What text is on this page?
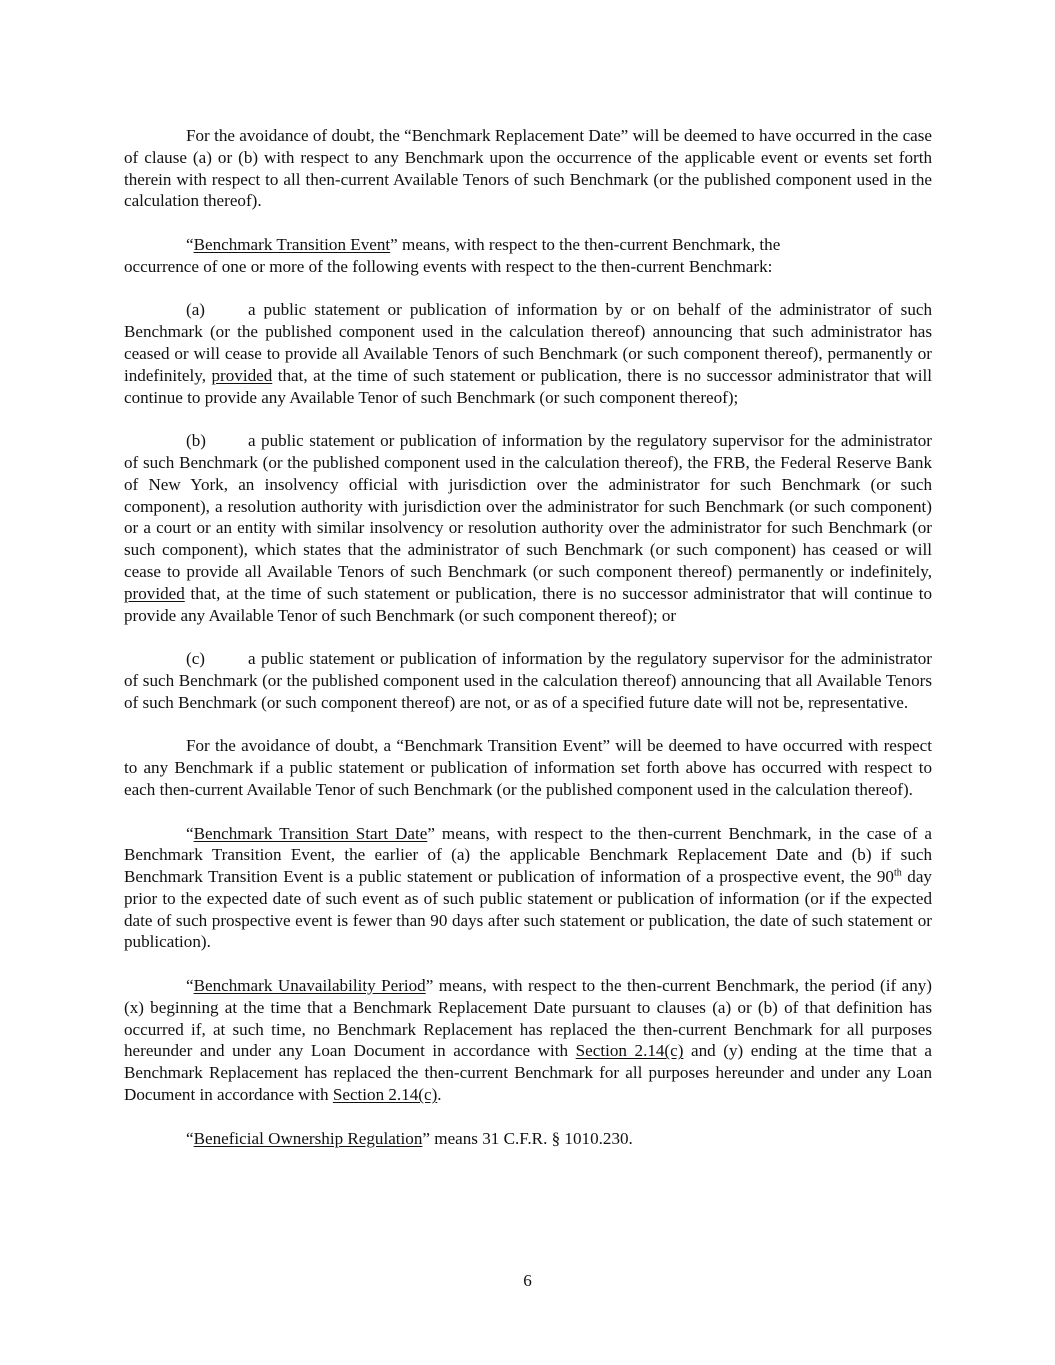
For the avoidance of doubt, the “Benchmark Replacement Date” will be deemed to have occurred in the case of clause (a) or (b) with respect to any Benchmark upon the occurrence of the applicable event or events set forth therein with respect to all then-current Available Tenors of such Benchmark (or the published component used in the calculation thereof).

“Benchmark Transition Event” means, with respect to the then-current Benchmark, the

occurrence of one or more of the following events with respect to the then-current Benchmark:

(a)	a public statement or publication of information by or on behalf of the administrator of such Benchmark (or the published component used in the calculation thereof) announcing that such administrator has ceased or will cease to provide all Available Tenors of such Benchmark (or such component thereof), permanently or indefinitely, provided that, at the time of such statement or publication, there is no successor administrator that will continue to provide any Available Tenor of such Benchmark (or such component thereof);

(b) a public statement or publication of information by the regulatory supervisor for the administrator of such Benchmark (or the published component used in the calculation thereof), the FRB, the Federal Reserve Bank of New York, an insolvency official with jurisdiction over the administrator for such Benchmark (or such component), a resolution authority with jurisdiction over the administrator for such Benchmark (or such component) or a court or an entity with similar insolvency or resolution authority over the administrator for such Benchmark (or such component), which states that the administrator of such Benchmark (or such component) has ceased or will cease to provide all Available Tenors of such Benchmark (or such component thereof) permanently or indefinitely, provided that, at the time of such statement or publication, there is no successor administrator that will continue to provide any Available Tenor of such Benchmark (or such component thereof); or

(c)	a public statement or publication of information by the regulatory supervisor for the administrator of such Benchmark (or the published component used in the calculation thereof) announcing that all Available Tenors of such Benchmark (or such component thereof) are not, or as of a specified future date will not be, representative.

For the avoidance of doubt, a “Benchmark Transition Event” will be deemed to have occurred with respect to any Benchmark if a public statement or publication of information set forth above has occurred with respect to each then-current Available Tenor of such Benchmark (or the published component used in the calculation thereof).

“Benchmark Transition Start Date” means, with respect to the then-current Benchmark, in the case of a Benchmark Transition Event, the earlier of (a) the applicable Benchmark Replacement Date and (b) if such Benchmark Transition Event is a public statement or publication of information of a prospective event, the 90th day prior to the expected date of such event as of such public statement or publication of information (or if the expected date of such prospective event is fewer than 90 days after such statement or publication, the date of such statement or publication).

“Benchmark Unavailability Period” means, with respect to the then-current Benchmark, the period (if any) (x) beginning at the time that a Benchmark Replacement Date pursuant to clauses (a) or (b) of that definition has occurred if, at such time, no Benchmark Replacement has replaced the then-current Benchmark for all purposes hereunder and under any Loan Document in accordance with Section 2.14(c) and (y) ending at the time that a Benchmark Replacement has replaced the then-current Benchmark for all purposes hereunder and under any Loan Document in accordance with Section 2.14(c).

“Beneficial Ownership Regulation” means 31 C.F.R. § 1010.230.

6
